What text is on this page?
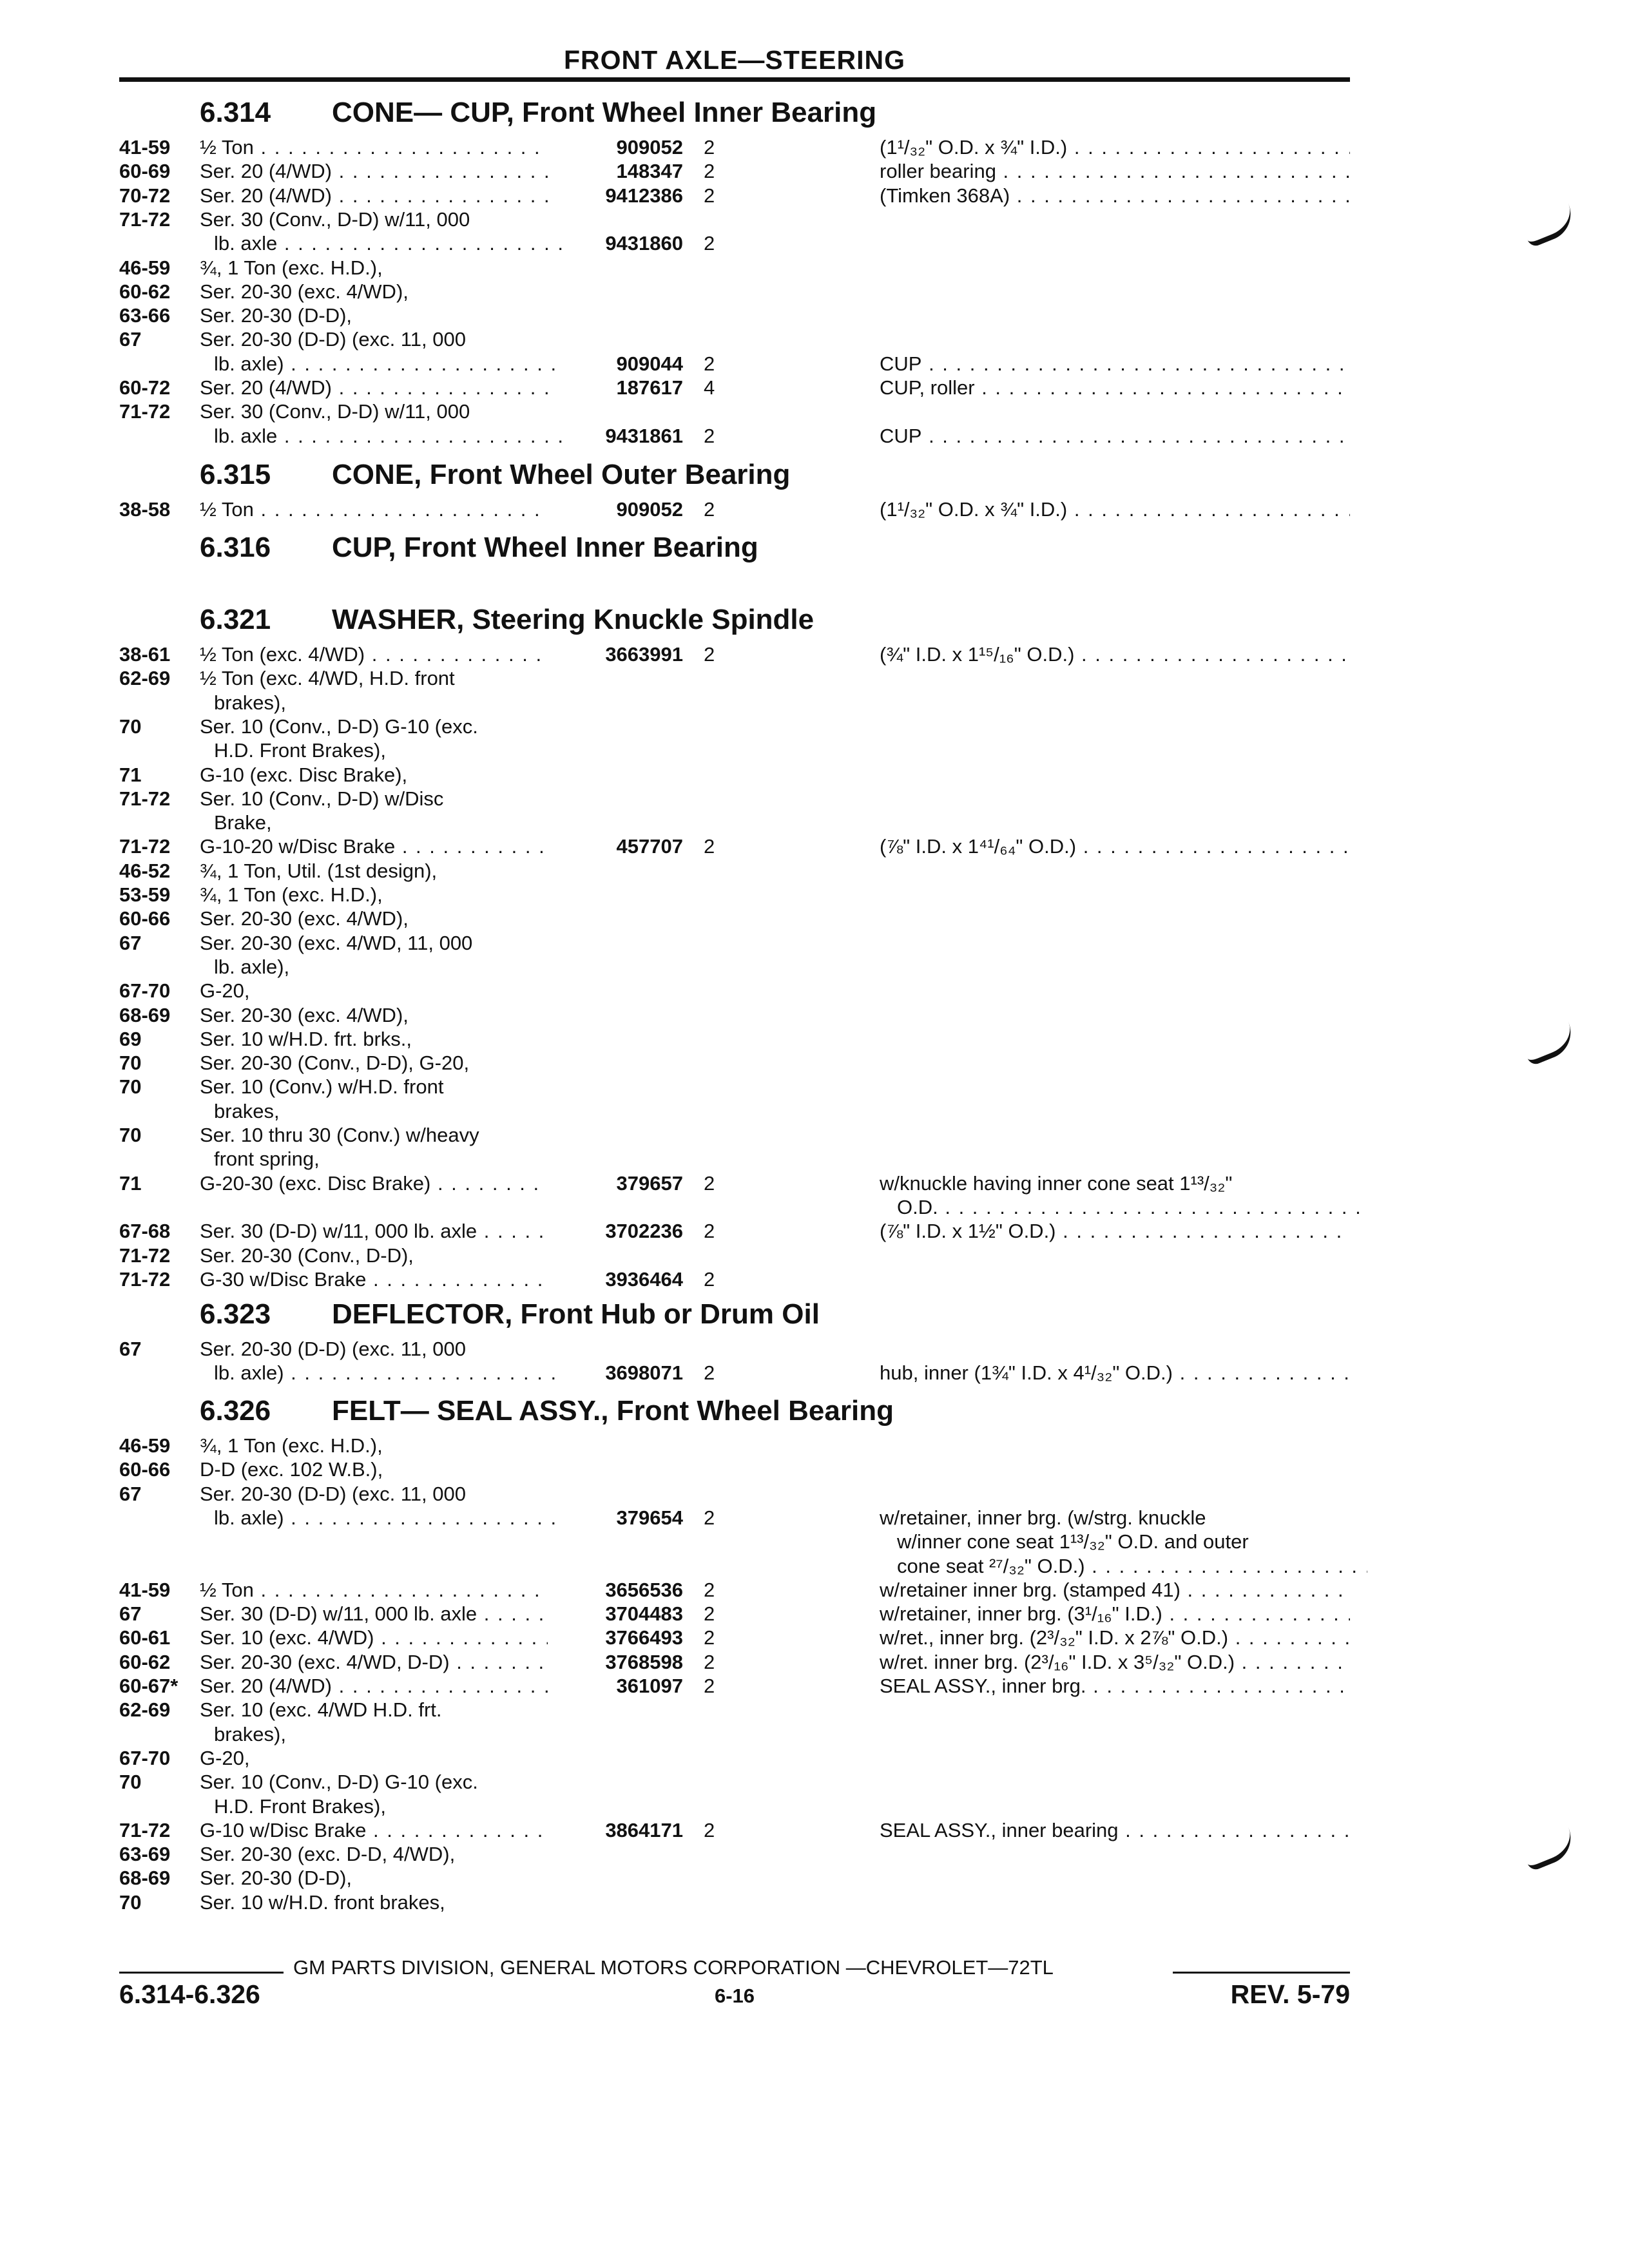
FRONT AXLE—STEERING
6.314 CONE— CUP, Front Wheel Inner Bearing
41-59 ½ Ton . . .	909052 2	(1¹/₃₂" O.D. x ¾" I.D.) . . .
60-69 Ser. 20 (4/WD) . . .	148347 2	roller bearing . . .
70-72 Ser. 20 (4/WD) . . .	9412386 2	(Timken 368A) . . .
71-72 Ser. 30 (Conv., D-D) w/11, 000
lb. axle . . .	9431860 2
46-59 ¾, 1 Ton (exc. H.D.),
60-62 Ser. 20-30 (exc. 4/WD),
63-66 Ser. 20-30 (D-D),
67	Ser. 20-30 (D-D) (exc. 11, 000
lb. axle) . . .	909044 2	CUP . . .
60-72 Ser. 20 (4/WD) . . .	187617 4	CUP, roller . . .
71-72 Ser. 30 (Conv., D-D) w/11, 000
lb. axle . . .	9431861 2	CUP . . .
6.315 CONE, Front Wheel Outer Bearing
38-58 ½ Ton . . .	909052 2	(1¹/₃₂" O.D. x ¾" I.D.) . . .
6.316 CUP, Front Wheel Inner Bearing
6.321 WASHER, Steering Knuckle Spindle
38-61 ½ Ton (exc. 4/WD) . . .	3663991 2	(¾" I.D. x 1¹⁵/₁₆" O.D.) . . .
62-69 ½ Ton (exc. 4/WD, H.D. front
brakes),
70	Ser. 10 (Conv., D-D) G-10 (exc.
H.D. Front Brakes),
71	G-10 (exc. Disc Brake),
71-72 Ser. 10 (Conv., D-D) w/Disc
Brake,
71-72 G-10-20 w/Disc Brake . . .	457707 2	(⅞" I.D. x 1⁴¹/₆₄" O.D.) . . .
46-52 ¾, 1 Ton, Util. (1st design),
53-59 ¾, 1 Ton (exc. H.D.),
60-66 Ser. 20-30 (exc. 4/WD),
67	Ser. 20-30 (exc. 4/WD, 11, 000
lb. axle),
67-70 G-20,
68-69 Ser. 20-30 (exc. 4/WD),
69	Ser. 10 w/H.D. frt. brks.,
70	Ser. 20-30 (Conv., D-D), G-20,
70	Ser. 10 (Conv.) w/H.D. front
brakes,
70	Ser. 10 thru 30 (Conv.) w/heavy
front spring,
71	G-20-30 (exc. Disc Brake) . . .	379657 2	w/knuckle having inner cone seat 1¹³/₃₂"
O.D. . . .
67-68 Ser. 30 (D-D) w/11, 000 lb. axle . . .	3702236 2	(⅞" I.D. x 1½" O.D.) . . .
71-72 Ser. 20-30 (Conv., D-D),
71-72 G-30 w/Disc Brake . . .	3936464 2
6.323 DEFLECTOR, Front Hub or Drum Oil
67	Ser. 20-30 (D-D) (exc. 11, 000
lb. axle) . . .	3698071 2	hub, inner (1¾" I.D. x 4¹/₃₂" O.D.) . . .
6.326 FELT— SEAL ASSY., Front Wheel Bearing
46-59 ¾, 1 Ton (exc. H.D.),
60-66 D-D (exc. 102 W.B.),
67	Ser. 20-30 (D-D) (exc. 11, 000
lb. axle) . . .	379654 2	w/retainer, inner brg. (w/strg. knuckle
w/inner cone seat 1¹³/₃₂" O.D. and outer
cone seat ²⁷/₃₂" O.D.) . . .
41-59 ½ Ton . . .	3656536 2	w/retainer inner brg. (stamped 41) . . .
67	Ser. 30 (D-D) w/11, 000 lb. axle . . .	3704483 2	w/retainer, inner brg. (3¹/₁₆" I.D.) . . .
60-61 Ser. 10 (exc. 4/WD) . . .	3766493 2	w/ret., inner brg. (2³/₃₂" I.D. x 2⅞" O.D.) . . .
60-62 Ser. 20-30 (exc. 4/WD, D-D) . . .	3768598 2	w/ret. inner brg. (2³/₁₆" I.D. x 3⁵/₃₂" O.D.) . . .
60-67* Ser. 20 (4/WD) . . .	361097 2	SEAL ASSY., inner brg. . . .
62-69 Ser. 10 (exc. 4/WD H.D. frt.
brakes),
67-70 G-20,
70	Ser. 10 (Conv., D-D) G-10 (exc.
H.D. Front Brakes),
71-72 G-10 w/Disc Brake . . .	3864171 2	SEAL ASSY., inner bearing . . .
63-69 Ser. 20-30 (exc. D-D, 4/WD),
68-69 Ser. 20-30 (D-D),
70	Ser. 10 w/H.D. front brakes,
GM PARTS DIVISION, GENERAL MOTORS CORPORATION —CHEVROLET—72TL
6.314-6.326	6-16	REV. 5-79
